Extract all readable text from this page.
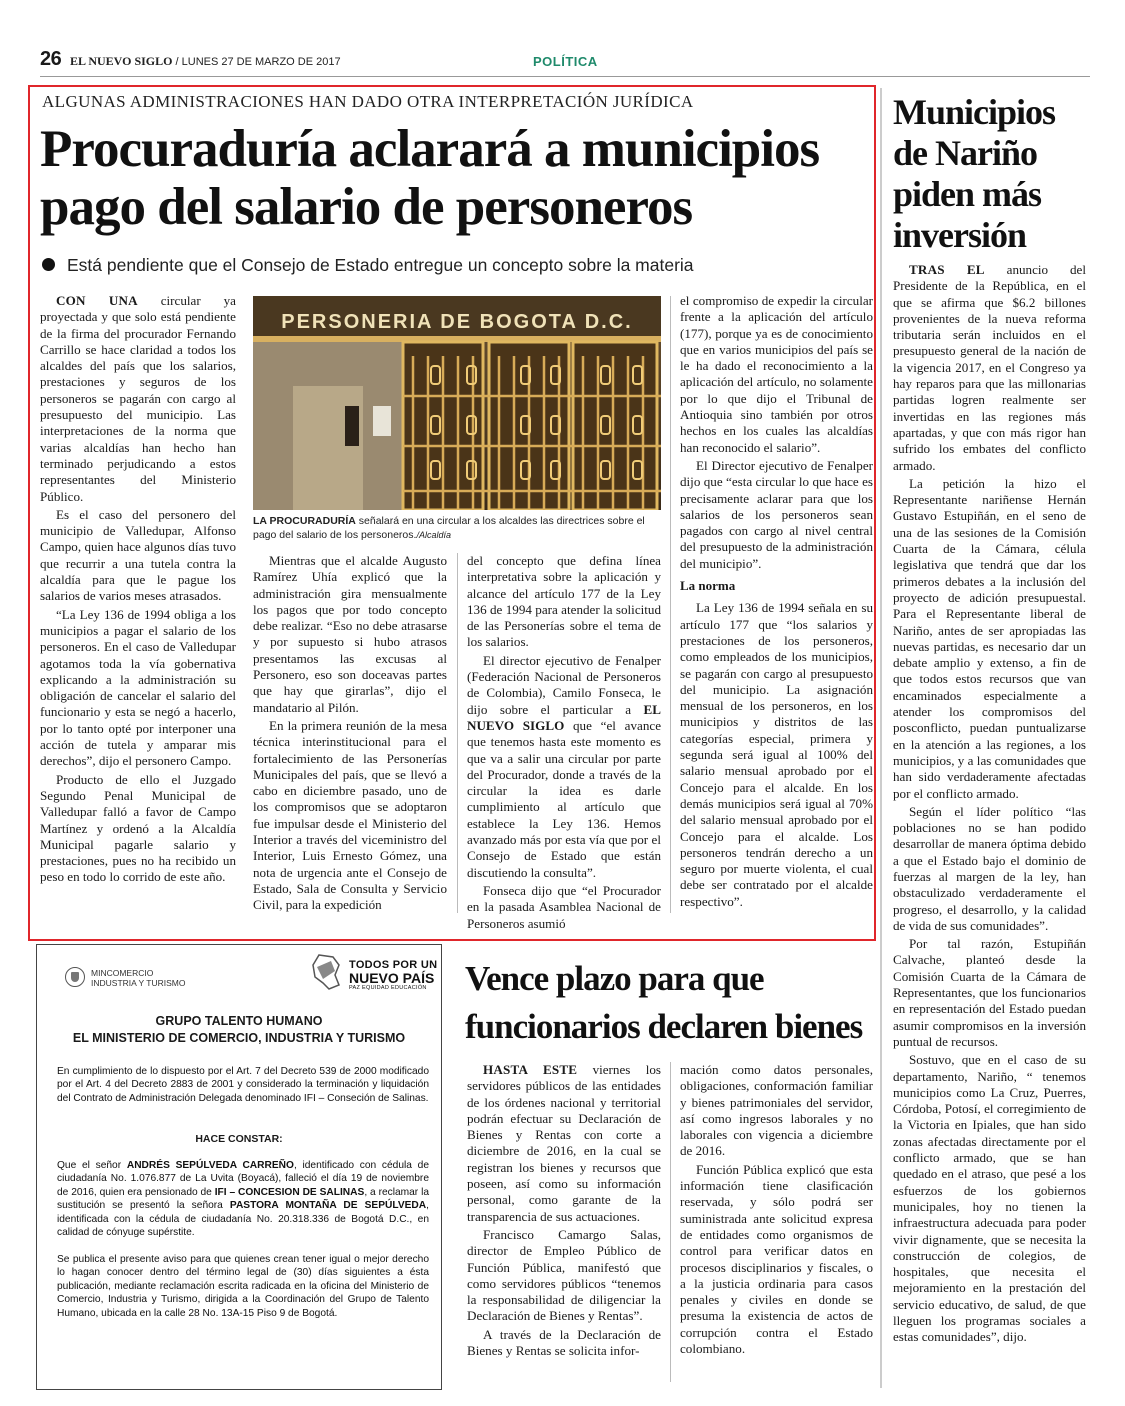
26 EL NUEVO SIGLO / LUNES 27 DE MARZO DE 2017	POLÍTICA
ALGUNAS ADMINISTRACIONES HAN DADO OTRA INTERPRETACIÓN JURÍDICA
Procuraduría aclarará a municipios
pago del salario de personeros
Está pendiente que el Consejo de Estado entregue un concepto sobre la materia

CON UNA circular ya proyectada y que solo está pendiente de la firma del procurador Fernando Carrillo se hace claridad a todos los alcaldes del país que los salarios, prestaciones y seguros de los personeros se pagarán con cargo al presupuesto del municipio. Las interpretaciones de la norma que varias alcaldías han hecho han terminado perjudicando a estos representantes del Ministerio Público.

Es el caso del personero del municipio de Valledupar, Alfonso Campo, quien hace algunos días tuvo que recurrir a una tutela contra la alcaldía para que le pague los salarios de varios meses atrasados.

“La Ley 136 de 1994 obliga a los municipios a pagar el salario de los personeros. En el caso de Valledupar agotamos toda la vía gobernativa explicando a la administración su obligación de cancelar el salario del funcionario y esta se negó a hacerlo, por lo tanto opté por interponer una acción de tutela y amparar mis derechos”, dijo el personero Campo.

Producto de ello el Juzgado Segundo Penal Municipal de Valledupar falló a favor de Campo Martínez y ordenó a la Alcaldía Municipal pagarle salario y prestaciones, pues no ha recibido un peso en todo lo corrido de este año.

PERSONERIA DE BOGOTA D.C.
LA PROCURADURÍA señalará en una circular a los alcaldes las directrices sobre el pago del salario de los personeros./Alcaldía

Mientras que el alcalde Augusto Ramírez Uhía explicó que la administración gira mensualmente los pagos que por todo concepto debe realizar. “Eso no debe atrasarse y por supuesto si hubo atrasos presentamos las excusas al Personero, eso son doceavas partes que hay que girarlas”, dijo el mandatario al Pilón.

En la primera reunión de la mesa técnica interinstitucional para el fortalecimiento de las Personerías Municipales del país, que se llevó a cabo en diciembre pasado, uno de los compromisos que se adoptaron fue impulsar desde el Ministerio del Interior a través del viceministro del Interior, Luis Ernesto Gómez, una nota de urgencia ante el Consejo de Estado, Sala de Consulta y Servicio Civil, para la expedición

del concepto que defina línea interpretativa sobre la aplicación y alcance del artículo 177 de la Ley 136 de 1994 para atender la solicitud de las Personerías sobre el tema de los salarios.

El director ejecutivo de Fenalper (Federación Nacional de Personeros de Colombia), Camilo Fonseca, le dijo sobre el particular a EL NUEVO SIGLO que “el avance que tenemos hasta este momento es que va a salir una circular por parte del Procurador, donde a través de la circular la idea es darle cumplimiento al artículo que establece la Ley 136. Hemos avanzado más por esta vía que por el Consejo de Estado que están discutiendo la consulta”.

Fonseca dijo que “el Procurador en la pasada Asamblea Nacional de Personeros asumió

el compromiso de expedir la circular frente a la aplicación del artículo (177), porque ya es de conocimiento que en varios municipios del país se le ha dado el reconocimiento a la aplicación del artículo, no solamente por lo que dijo el Tribunal de Antioquia sino también por otros hechos en los cuales las alcaldías han reconocido el salario”.

El Director ejecutivo de Fenalper dijo que “esta circular lo que hace es precisamente aclarar para que los salarios de los personeros sean pagados con cargo al nivel central del presupuesto de la administración del municipio”.

La norma

La Ley 136 de 1994 señala en su artículo 177 que “los salarios y prestaciones de los personeros, como empleados de los municipios, se pagarán con cargo al presupuesto del municipio. La asignación mensual de los personeros, en los municipios y distritos de las categorías especial, primera y segunda será igual al 100% del salario mensual aprobado por el Concejo para el alcalde. En los demás municipios será igual al 70% del salario mensual aprobado por el Concejo para el alcalde. Los personeros tendrán derecho a un seguro por muerte violenta, el cual debe ser contratado por el alcalde respectivo”.

Municipios
de Nariño
piden más
inversión

TRAS EL anuncio del Presidente de la República, en el que se afirma que $6.2 billones provenientes de la nueva reforma tributaria serán incluidos en el presupuesto general de la nación de la vigencia 2017, en el Congreso ya hay reparos para que las millonarias partidas logren realmente ser invertidas en las regiones más apartadas, y que con más rigor han sufrido los embates del conflicto armado.

La petición la hizo el Representante nariñense Hernán Gustavo Estupiñán, en el seno de una de las sesiones de la Comisión Cuarta de la Cámara, célula legislativa que tendrá que dar los primeros debates a la inclusión del proyecto de adición presupuestal. Para el Representante liberal de Nariño, antes de ser apropiadas las nuevas partidas, es necesario dar un debate amplio y extenso, a fin de que todos estos recursos que van encaminados especialmente a atender los compromisos del posconflicto, puedan puntualizarse en la atención a las regiones, a los municipios, y a las comunidades que han sido verdaderamente afectadas por el conflicto armado.

Según el líder político “las poblaciones no se han podido desarrollar de manera óptima debido a que el Estado bajo el dominio de fuerzas al margen de la ley, han obstaculizado verdaderamente el progreso, el desarrollo, y la calidad de vida de sus comunidades”.

Por tal razón, Estupiñán Calvache, planteó desde la Comisión Cuarta de la Cámara de Representantes, que los funcionarios en representación del Estado puedan asumir compromisos en la inversión puntual de recursos.

Sostuvo, que en el caso de su departamento, Nariño, “ tenemos municipios como La Cruz, Puerres, Córdoba, Potosí, el corregimiento de la Victoria en Ipiales, que han sido zonas afectadas directamente por el conflicto armado, que se han quedado en el atraso, que pesé a los esfuerzos de los gobiernos municipales, hoy no tienen la infraestructura adecuada para poder vivir dignamente, que se necesita la construcción de colegios, de hospitales, que necesita el mejoramiento en la prestación del servicio educativo, de salud, de que lleguen los programas sociales a estas comunidades”, dijo.

Vence plazo para que
funcionarios declaren bienes

HASTA ESTE viernes los servidores públicos de las entidades de los órdenes nacional y territorial podrán efectuar su Declaración de Bienes y Rentas con corte a diciembre de 2016, en la cual se registran los bienes y recursos que poseen, así como su información personal, como garante de la transparencia de sus actuaciones.

Francisco Camargo Salas, director de Empleo Público de Función Pública, manifestó que como servidores públicos “tenemos la responsabilidad de diligenciar la Declaración de Bienes y Rentas”.

A través de la Declaración de Bienes y Rentas se solicita infor-

mación como datos personales, obligaciones, conformación familiar y bienes patrimoniales del servidor, así como ingresos laborales y no laborales con vigencia a diciembre de 2016.

Función Pública explicó que esta información tiene clasificación reservada, y sólo podrá ser suministrada ante solicitud expresa de entidades como organismos de control para verificar datos en procesos disciplinarios y fiscales, o a la justicia ordinaria para casos penales y civiles en donde se presuma la existencia de actos de corrupción contra el Estado colombiano.

MINCOMERCIO
INDUSTRIA Y TURISMO
TODOS POR UN
NUEVO PAÍS
PAZ EQUIDAD EDUCACIÓN
GRUPO TALENTO HUMANO
EL MINISTERIO DE COMERCIO, INDUSTRIA Y TURISMO
En cumplimiento de lo dispuesto por el Art. 7 del Decreto 539 de 2000 modificado por el Art. 4 del Decreto 2883 de 2001 y considerado la terminación y liquidación del Contrato de Administración Delegada denominado IFI – Conseción de Salinas.
HACE CONSTAR:
Que el señor ANDRÉS SEPÚLVEDA CARREÑO, identificado con cédula de ciudadanía No. 1.076.877 de La Uvita (Boyacá), falleció el día 19 de noviembre de 2016, quien era pensionado de IFI – CONCESION DE SALINAS, a reclamar la sustitución se presentó la señora PASTORA MONTAÑA DE SEPÚLVEDA, identificada con la cédula de ciudadanía No. 20.318.336 de Bogotá D.C., en calidad de cónyuge supérstite.
Se publica el presente aviso para que quienes crean tener igual o mejor derecho lo hagan conocer dentro del término legal de (30) días siguientes a ésta publicación, mediante reclamación escrita radicada en la oficina del Ministerio de Comercio, Industria y Turismo, dirigida a la Coordinación del Grupo de Talento Humano, ubicada en la calle 28 No. 13A-15 Piso 9 de Bogotá.
